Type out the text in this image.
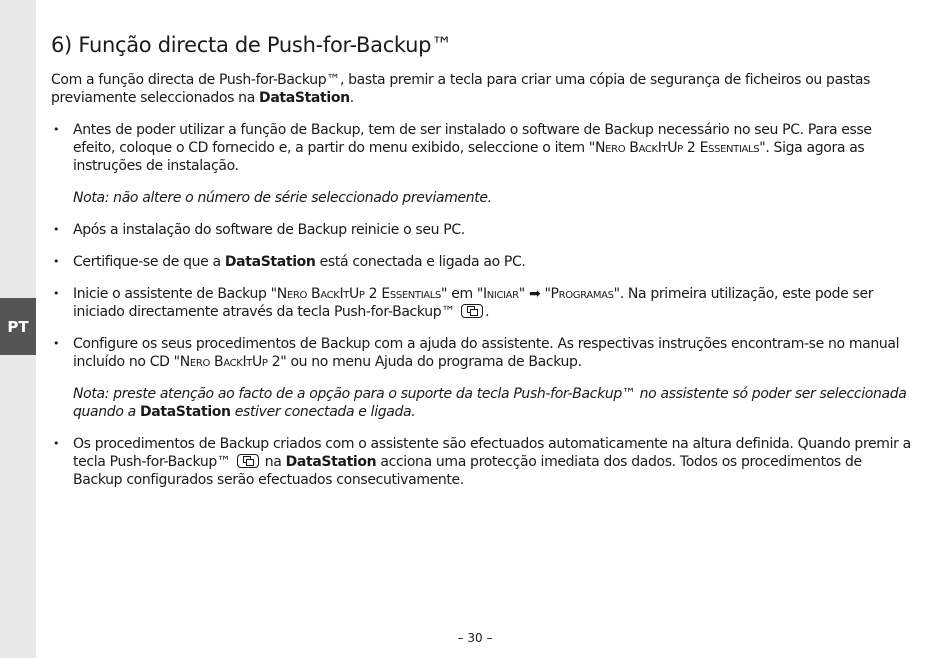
PT
6) Função directa de Push-for-Backup™

Com a função directa de Push-for-Backup™, basta premir a tecla para criar uma cópia de segurança de ficheiros ou pastas previamente seleccionados na DataStation.

• Antes de poder utilizar a função de Backup, tem de ser instalado o software de Backup necessário no seu PC. Para esse efeito, coloque o CD fornecido e, a partir do menu exibido, seleccione o item "Nero BackItUp 2 Essentials". Siga agora as instruções de instalação.

Nota: não altere o número de série seleccionado previamente.

• Após a instalação do software de Backup reinicie o seu PC.

• Certifique-se de que a DataStation está conectada e ligada ao PC.

• Inicie o assistente de Backup "Nero BackItUp 2 Essentials" em "Iniciar" ➡ "Programas". Na primeira utilização, este pode ser iniciado directamente através da tecla Push-for-Backup™ .

• Configure os seus procedimentos de Backup com a ajuda do assistente. As respectivas instruções encontram-se no manual incluído no CD "Nero BackItUp 2" ou no menu Ajuda do programa de Backup.

Nota: preste atenção ao facto de a opção para o suporte da tecla Push-for-Backup™ no assistente só poder ser seleccionada quando a DataStation estiver conectada e ligada.

• Os procedimentos de Backup criados com o assistente são efectuados automaticamente na altura definida. Quando premir a tecla Push-for-Backup™  na DataStation acciona uma protecção imediata dos dados. Todos os procedimentos de Backup configurados serão efectuados consecutivamente.

– 30 –
